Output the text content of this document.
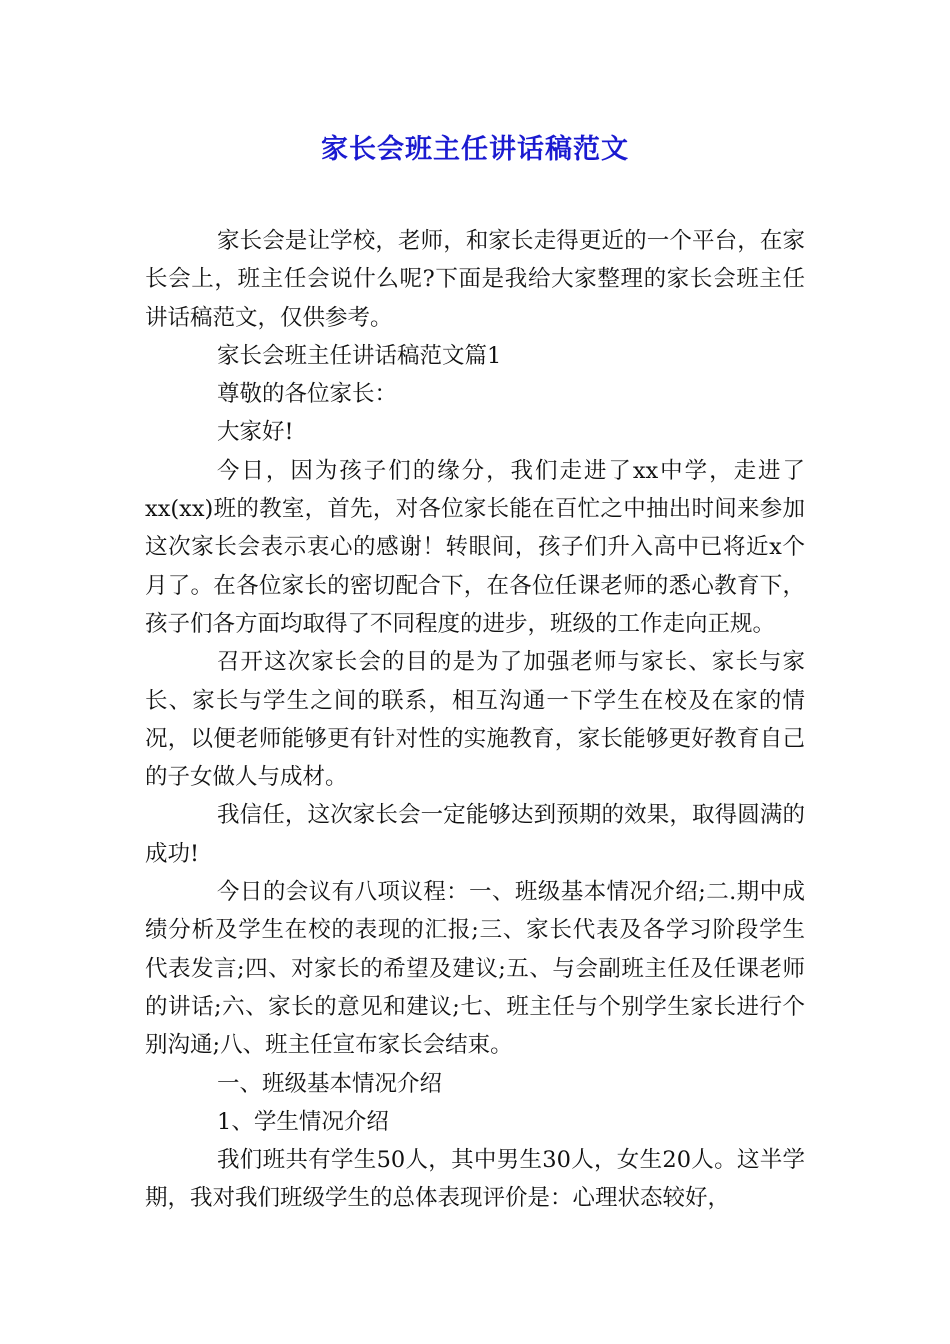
家长会班主任讲话稿范文

家长会是让学校，老师，和家长走得更近的一个平台，在家长会上，班主任会说什么呢?下面是我给大家整理的家长会班主任讲话稿范文，仅供参考。

家长会班主任讲话稿范文篇1

尊敬的各位家长：

大家好!

今日，因为孩子们的缘分，我们走进了xx中学，走进了xx(xx)班的教室，首先，对各位家长能在百忙之中抽出时间来参加这次家长会表示衷心的感谢！转眼间，孩子们升入高中已将近x个月了。在各位家长的密切配合下，在各位任课老师的悉心教育下，孩子们各方面均取得了不同程度的进步，班级的工作走向正规。

召开这次家长会的目的是为了加强老师与家长、家长与家长、家长与学生之间的联系，相互沟通一下学生在校及在家的情况，以便老师能够更有针对性的实施教育，家长能够更好教育自己的子女做人与成材。

我信任，这次家长会一定能够达到预期的效果，取得圆满的成功!

今日的会议有八项议程：一、班级基本情况介绍;二.期中成绩分析及学生在校的表现的汇报;三、家长代表及各学习阶段学生代表发言;四、对家长的希望及建议;五、与会副班主任及任课老师的讲话;六、家长的意见和建议;七、班主任与个别学生家长进行个别沟通;八、班主任宣布家长会结束。

一、班级基本情况介绍

1、学生情况介绍

我们班共有学生50人，其中男生30人，女生20人。这半学期，我对我们班级学生的总体表现评价是：心理状态较好，
